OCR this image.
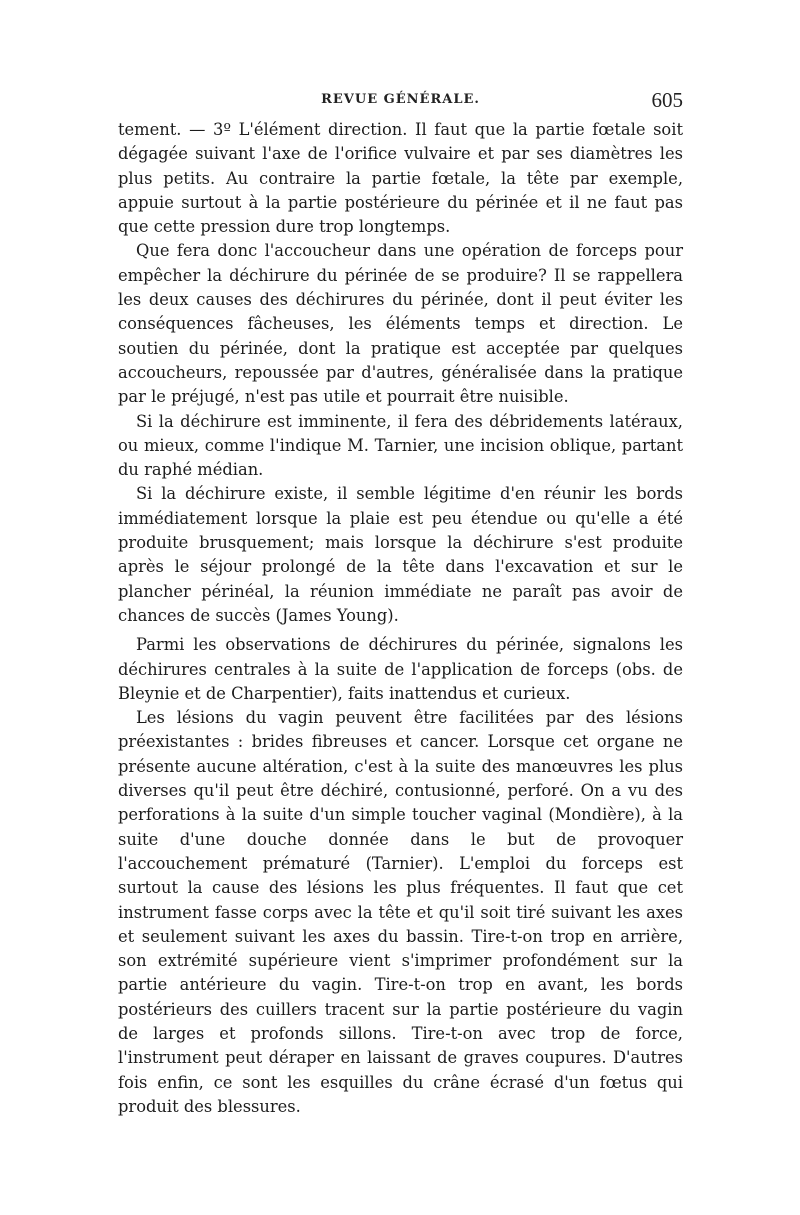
REVUE GÉNÉRALE.	605

tement. — 3º L'élément direction. Il faut que la partie fœtale soit dégagée suivant l'axe de l'orifice vulvaire et par ses diamètres les plus petits. Au contraire la partie fœtale, la tête par exemple, appuie surtout à la partie postérieure du périnée et il ne faut pas que cette pression dure trop longtemps.

Que fera donc l'accoucheur dans une opération de forceps pour empêcher la déchirure du périnée de se produire? Il se rappellera les deux causes des déchirures du périnée, dont il peut éviter les conséquences fâcheuses, les éléments temps et direction. Le soutien du périnée, dont la pratique est acceptée par quelques accoucheurs, repoussée par d'autres, généralisée dans la pratique par le préjugé, n'est pas utile et pourrait être nuisible.

Si la déchirure est imminente, il fera des débridements latéraux, ou mieux, comme l'indique M. Tarnier, une incision oblique, partant du raphé médian.

Si la déchirure existe, il semble légitime d'en réunir les bords immédiatement lorsque la plaie est peu étendue ou qu'elle a été produite brusquement; mais lorsque la déchirure s'est produite après le séjour prolongé de la tête dans l'excavation et sur le plancher périnéal, la réunion immédiate ne paraît pas avoir de chances de succès (James Young).

Parmi les observations de déchirures du périnée, signalons les déchirures centrales à la suite de l'application de forceps (obs. de Bleynie et de Charpentier), faits inattendus et curieux.

Les lésions du vagin peuvent être facilitées par des lésions préexistantes : brides fibreuses et cancer. Lorsque cet organe ne présente aucune altération, c'est à la suite des manœuvres les plus diverses qu'il peut être déchiré, contusionné, perforé. On a vu des perforations à la suite d'un simple toucher vaginal (Mondière), à la suite d'une douche donnée dans le but de provoquer l'accouchement prématuré (Tarnier). L'emploi du forceps est surtout la cause des lésions les plus fréquentes. Il faut que cet instrument fasse corps avec la tête et qu'il soit tiré suivant les axes et seulement suivant les axes du bassin. Tire-t-on trop en arrière, son extrémité supérieure vient s'imprimer profondément sur la partie antérieure du vagin. Tire-t-on trop en avant, les bords postérieurs des cuillers tracent sur la partie postérieure du vagin de larges et profonds sillons. Tire-t-on avec trop de force, l'instrument peut déraper en laissant de graves coupures. D'autres fois enfin, ce sont les esquilles du crâne écrasé d'un fœtus qui produit des blessures.
